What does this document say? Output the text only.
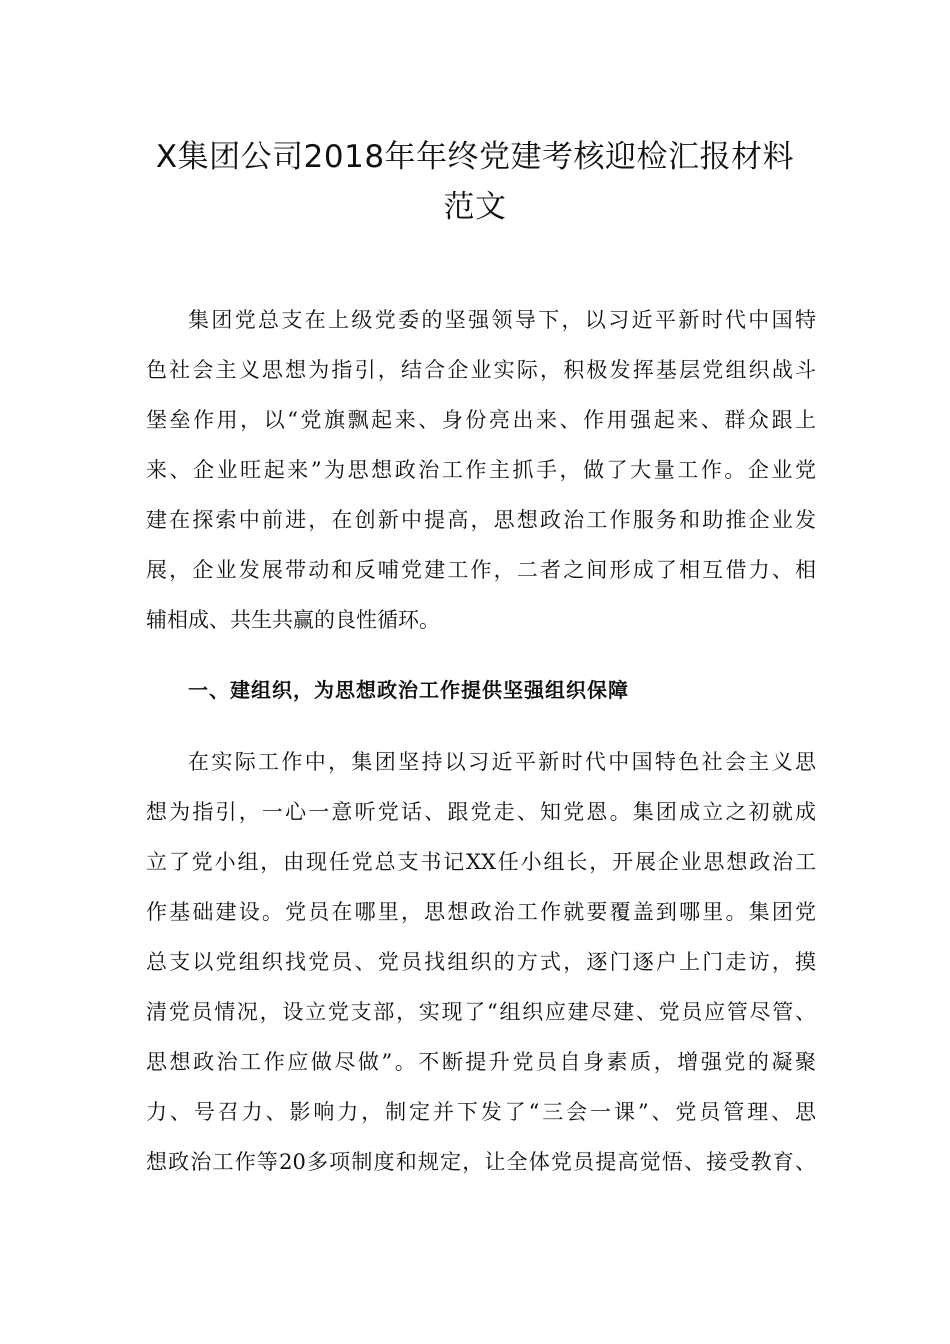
X集团公司2018年年终党建考核迎检汇报材料
范文
集团党总支在上级党委的坚强领导下，以习近平新时代中国特
色社会主义思想为指引，结合企业实际，积极发挥基层党组织战斗
堡垒作用，以“党旗飘起来、身份亮出来、作用强起来、群众跟上
来、企业旺起来”为思想政治工作主抓手，做了大量工作。企业党
建在探索中前进，在创新中提高，思想政治工作服务和助推企业发
展，企业发展带动和反哺党建工作，二者之间形成了相互借力、相
辅相成、共生共赢的良性循环。
一、建组织，为思想政治工作提供坚强组织保障
在实际工作中，集团坚持以习近平新时代中国特色社会主义思
想为指引，一心一意听党话、跟党走、知党恩。集团成立之初就成
立了党小组，由现任党总支书记XX任小组长，开展企业思想政治工
作基础建设。党员在哪里，思想政治工作就要覆盖到哪里。集团党
总支以党组织找党员、党员找组织的方式，逐门逐户上门走访，摸
清党员情况，设立党支部，实现了“组织应建尽建、党员应管尽管、
思想政治工作应做尽做”。不断提升党员自身素质，增强党的凝聚
力、号召力、影响力，制定并下发了“三会一课”、党员管理、思
想政治工作等20多项制度和规定，让全体党员提高觉悟、接受教育、
